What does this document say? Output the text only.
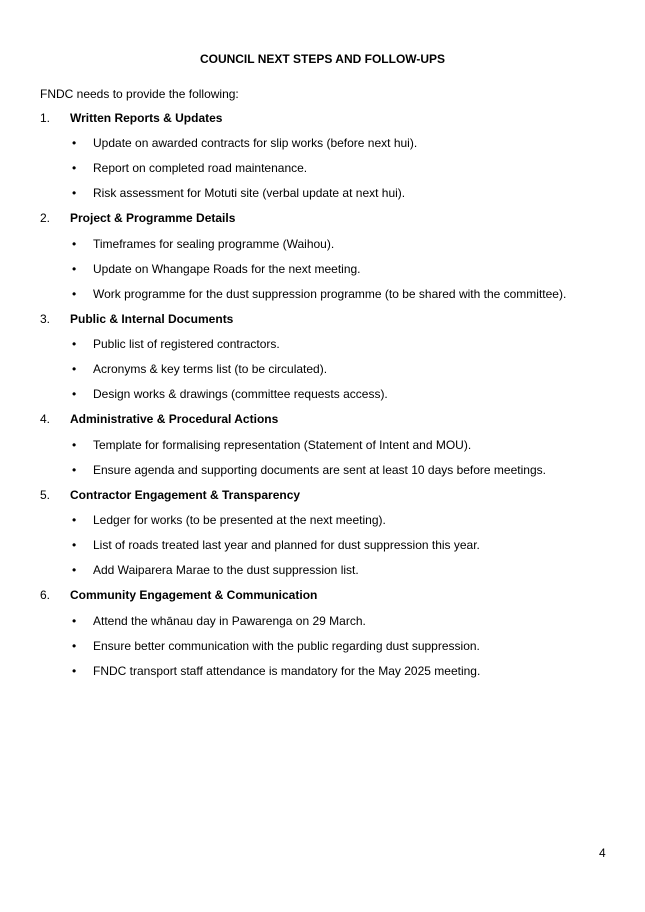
COUNCIL NEXT STEPS AND FOLLOW-UPS
FNDC needs to provide the following:
1. Written Reports & Updates
• Update on awarded contracts for slip works (before next hui).
• Report on completed road maintenance.
• Risk assessment for Motuti site (verbal update at next hui).
2. Project & Programme Details
• Timeframes for sealing programme (Waihou).
• Update on Whangape Roads for the next meeting.
• Work programme for the dust suppression programme (to be shared with the committee).
3. Public & Internal Documents
• Public list of registered contractors.
• Acronyms & key terms list (to be circulated).
• Design works & drawings (committee requests access).
4. Administrative & Procedural Actions
• Template for formalising representation (Statement of Intent and MOU).
• Ensure agenda and supporting documents are sent at least 10 days before meetings.
5. Contractor Engagement & Transparency
• Ledger for works (to be presented at the next meeting).
• List of roads treated last year and planned for dust suppression this year.
• Add Waiparera Marae to the dust suppression list.
6. Community Engagement & Communication
• Attend the whānau day in Pawarenga on 29 March.
• Ensure better communication with the public regarding dust suppression.
• FNDC transport staff attendance is mandatory for the May 2025 meeting.
4
